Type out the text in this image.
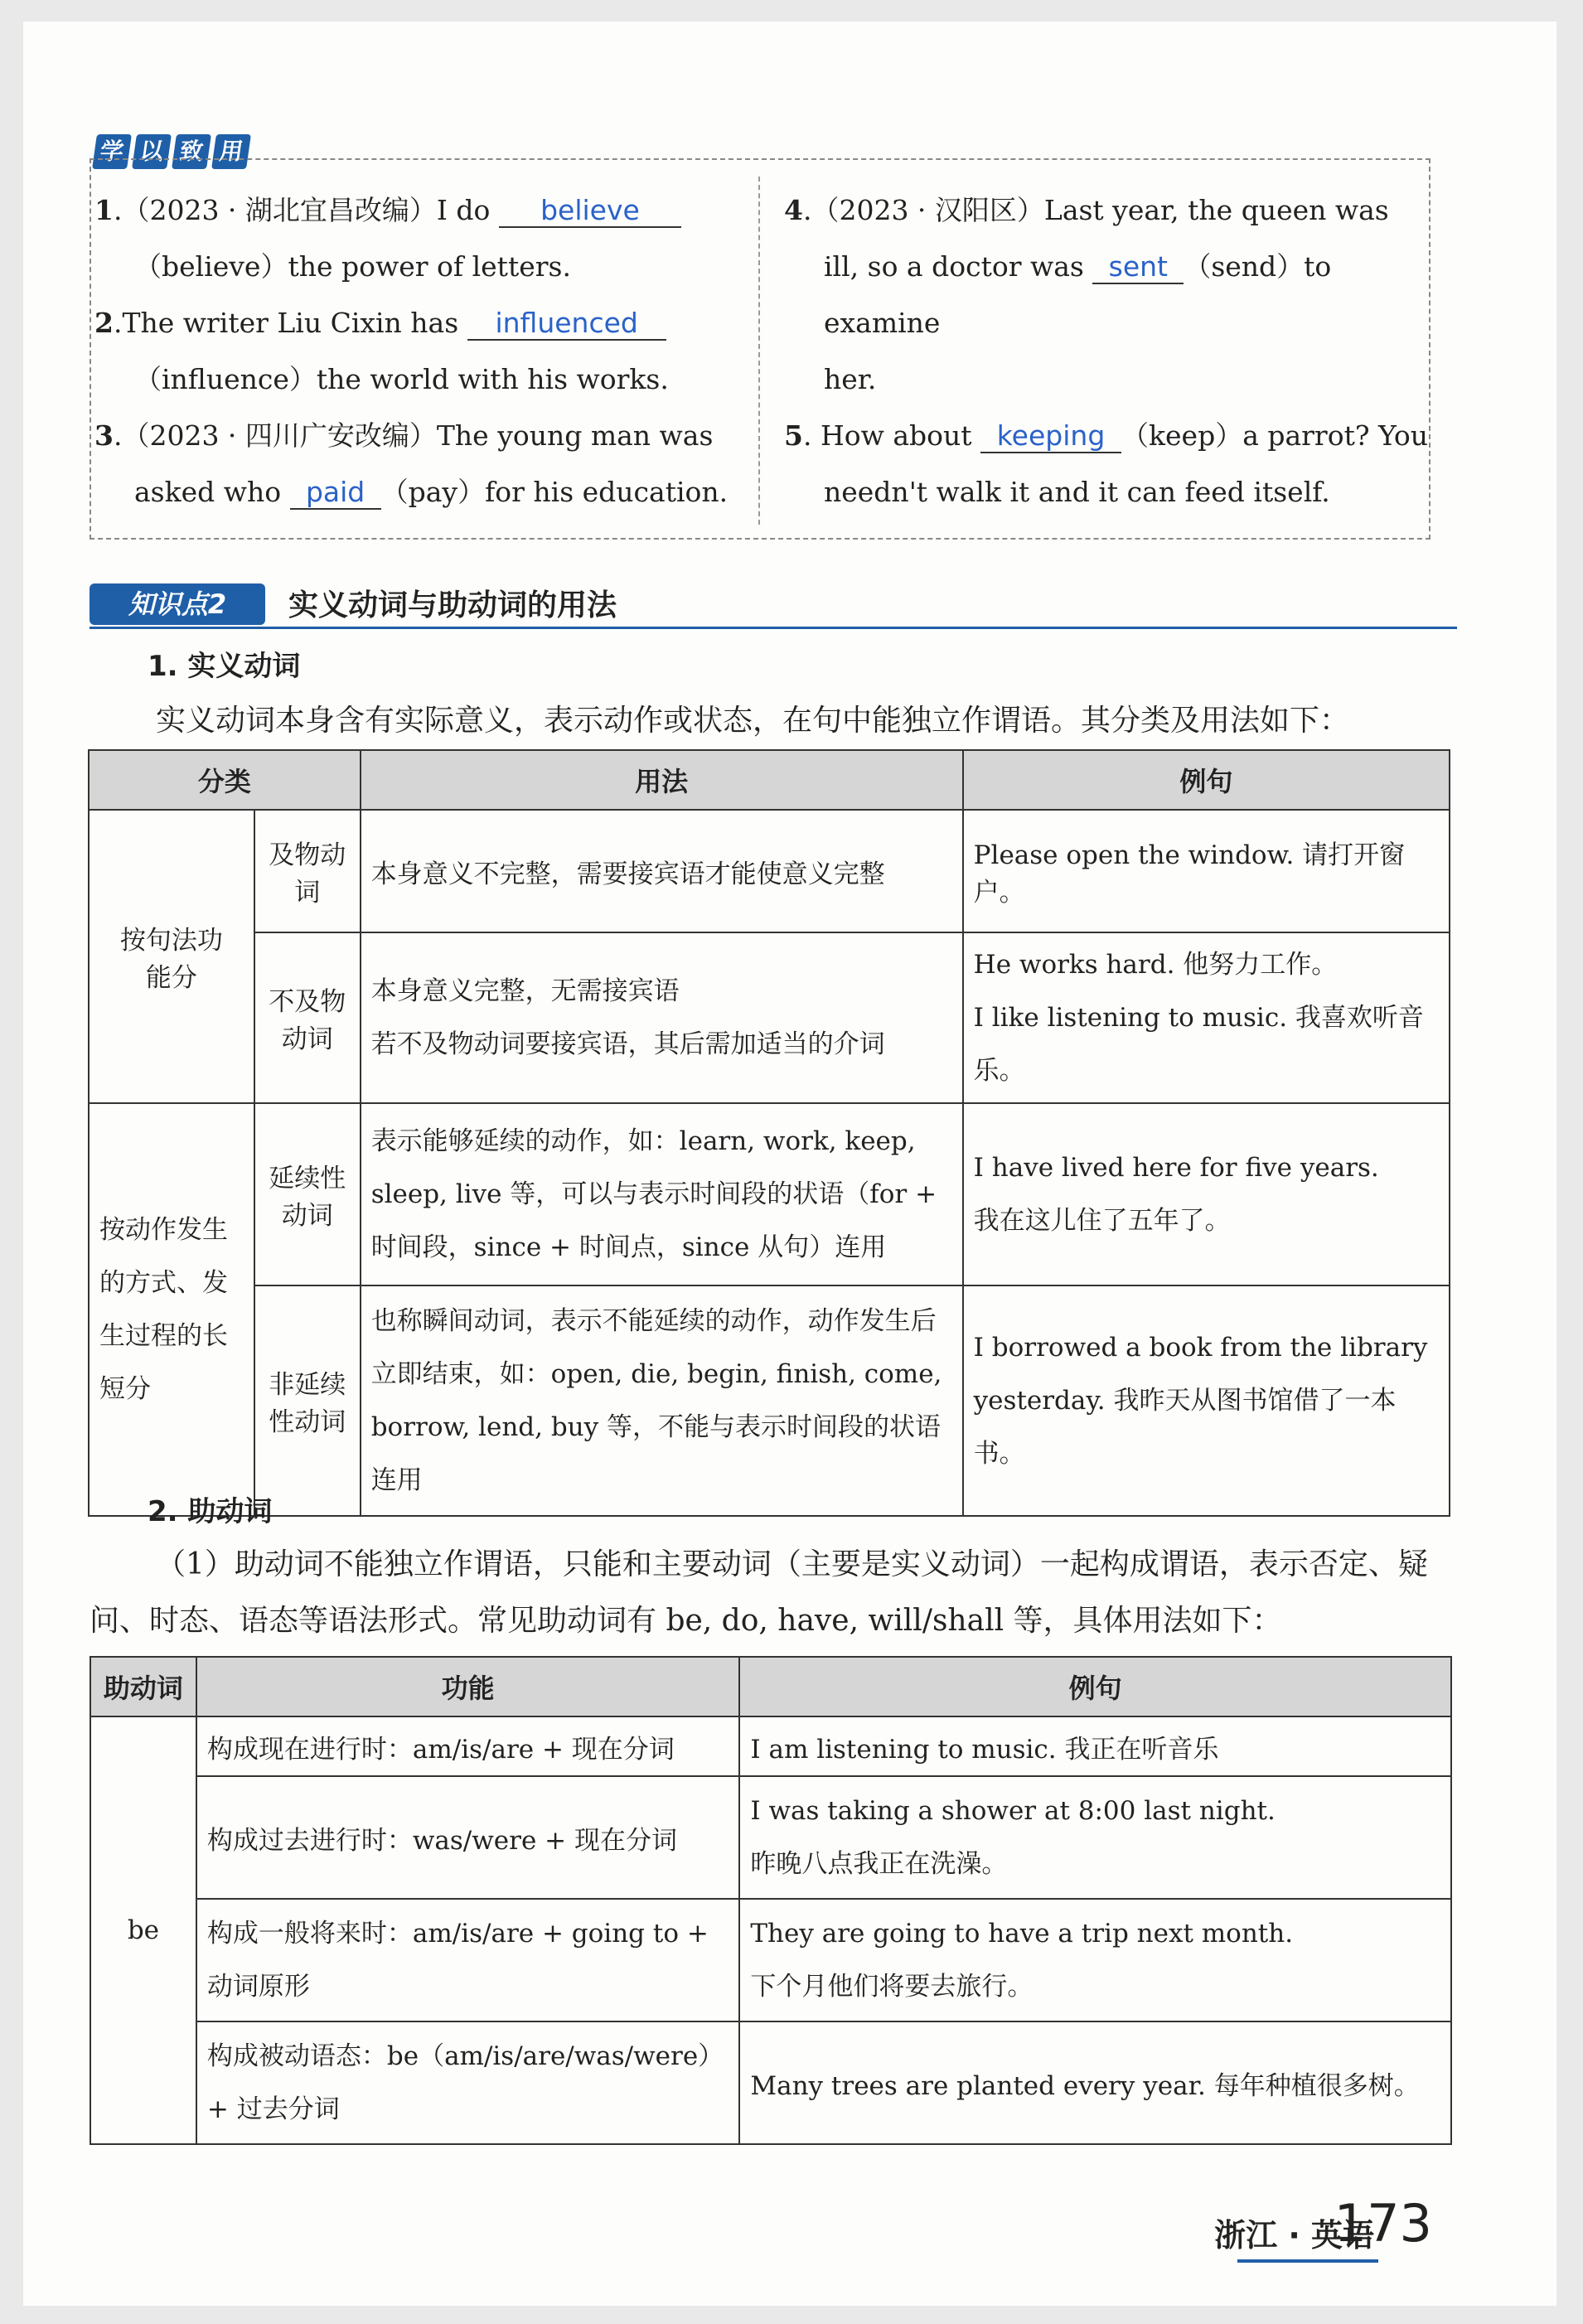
学 以 致 用

1.（2023 · 湖北宜昌改编）I do believe

（believe）the power of letters.

2.The writer Liu Cixin has influenced

（influence）the world with his works.

3.（2023 · 四川广安改编）The young man was

asked who paid （pay）for his education.

4.（2023 · 汉阳区）Last year, the queen was

ill, so a doctor was sent （send）to examine

her.

5. How about keeping （keep）a parrot? You

needn't walk it and it can feed itself.

知识点2	实义动词与助动词的用法
1. 实义动词
实义动词本身含有实际意义，表示动作或状态，在句中能独立作谓语。其分类及用法如下：
分类		用法	例句
按句法功能分	及物动词	本身意义不完整，需要接宾语才能使意义完整	Please open the window. 请打开窗户。
	不及物动词	本身意义完整，无需接宾语
若不及物动词要接宾语，其后需加适当的介词	He works hard. 他努力工作。
I like listening to music. 我喜欢听音乐。

按动作发生的方式、发生过程的长短分	延续性动词	表示能够延续的动作，如：learn, work, keep, sleep, live 等，可以与表示时间段的状语（for + 时间段，since + 时间点，since 从句）连用	I have lived here for five years.
我在这儿住了五年了。

	非延续性动词	也称瞬间动词，表示不能延续的动作，动作发生后立即结束，如：open, die, begin, finish, come, borrow, lend, buy 等，不能与表示时间段的状语连用	I borrowed a book from the library yesterday. 我昨天从图书馆借了一本书。
2. 助动词
（1）助动词不能独立作谓语，只能和主要动词（主要是实义动词）一起构成谓语，表示否定、疑问、时态、语态等语法形式。常见助动词有 be, do, have, will/shall 等，具体用法如下：
助动词	功能	例句
be	构成现在进行时：am/is/are + 现在分词	I am listening to music. 我正在听音乐
	构成过去进行时：was/were + 现在分词	I was taking a shower at 8:00 last night.
昨晚八点我正在洗澡。

	构成一般将来时：am/is/are + going to + 动词原形	They are going to have a trip next month.
下个月他们将要去旅行。

	构成被动语态：be（am/is/are/was/were）+ 过去分词	Many trees are planted every year. 每年种植很多树。
浙江 · 英语
173
